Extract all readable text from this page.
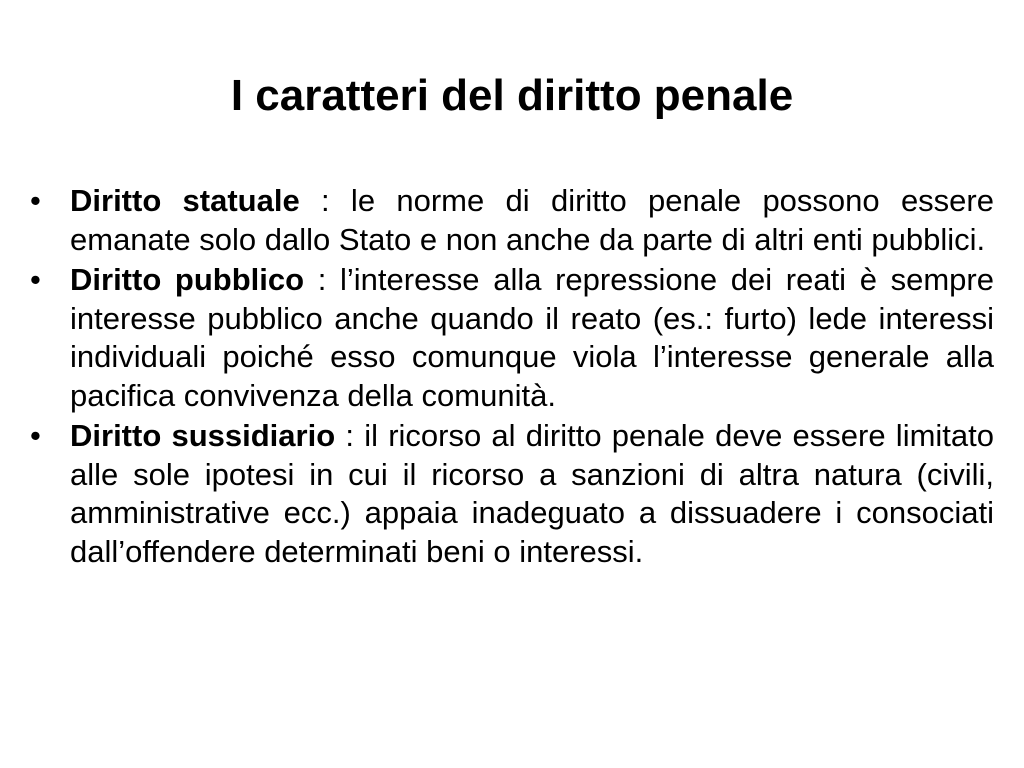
I caratteri del diritto penale
• Diritto statuale : le norme di diritto penale possono essere emanate solo dallo Stato e non anche da parte di altri enti pubblici.
• Diritto pubblico : l’interesse alla repressione dei reati è sempre interesse pubblico anche quando il reato (es.: furto) lede interessi individuali poiché esso comunque viola l’interesse generale alla pacifica convivenza della comunità.
• Diritto sussidiario : il ricorso al diritto penale deve essere limitato alle sole ipotesi in cui il ricorso a sanzioni di altra natura (civili, amministrative ecc.) appaia inadeguato a dissuadere i consociati dall’offendere determinati beni o interessi.
